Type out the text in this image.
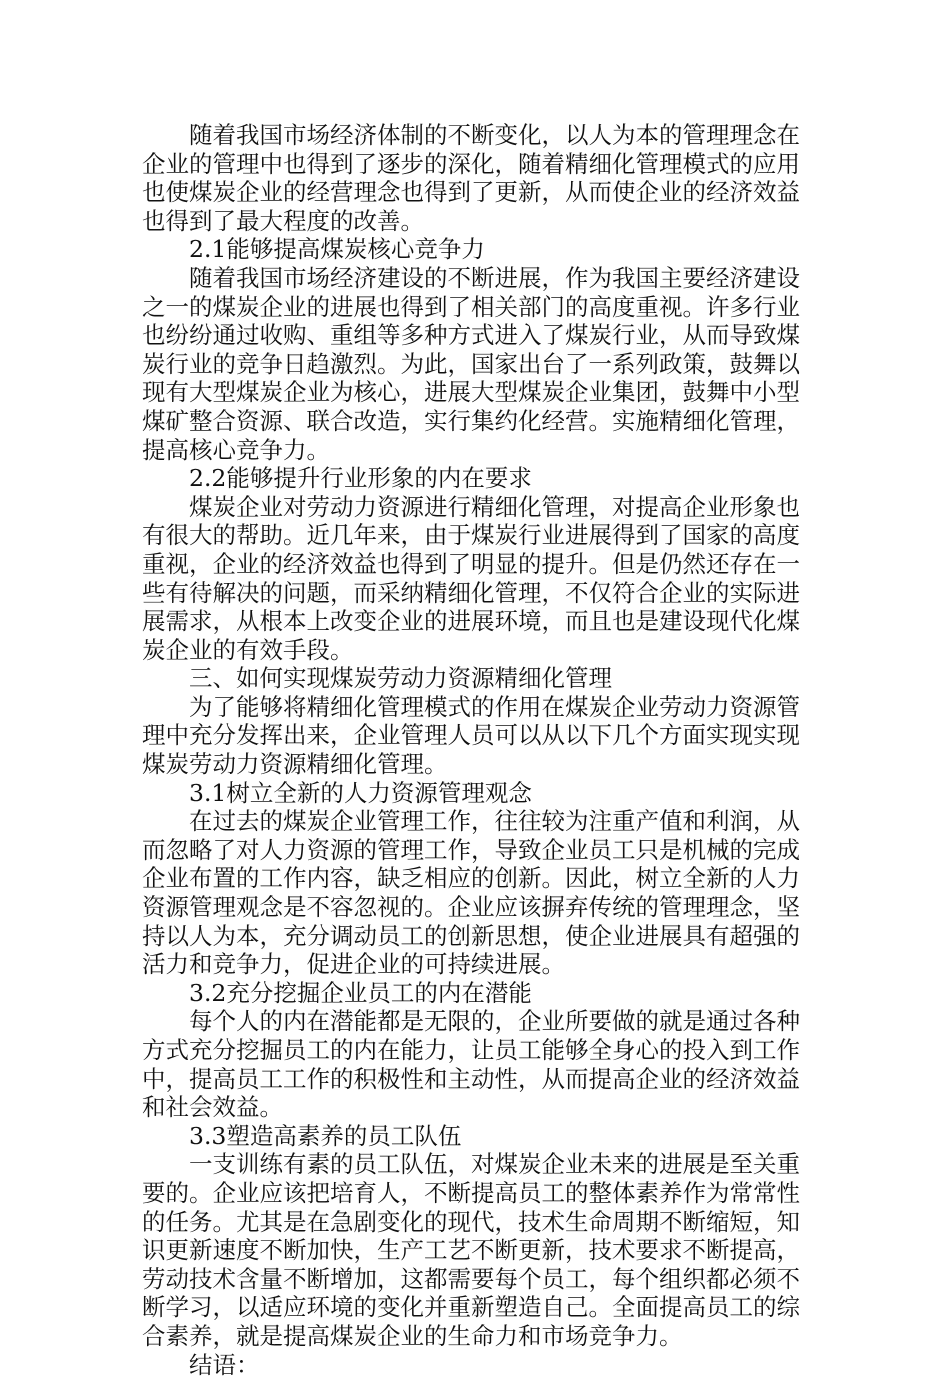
随着我国市场经济体制的不断变化，以人为本的管理理念在企业的管理中也得到了逐步的深化，随着精细化管理模式的应用也使煤炭企业的经营理念也得到了更新，从而使企业的经济效益也得到了最大程度的改善。

2.1能够提高煤炭核心竞争力

随着我国市场经济建设的不断进展，作为我国主要经济建设之一的煤炭企业的进展也得到了相关部门的高度重视。许多行业也纷纷通过收购、重组等多种方式进入了煤炭行业，从而导致煤炭行业的竞争日趋激烈。为此，国家出台了一系列政策，鼓舞以现有大型煤炭企业为核心，进展大型煤炭企业集团，鼓舞中小型煤矿整合资源、联合改造，实行集约化经营。实施精细化管理，提高核心竞争力。

2.2能够提升行业形象的内在要求

煤炭企业对劳动力资源进行精细化管理，对提高企业形象也有很大的帮助。近几年来，由于煤炭行业进展得到了国家的高度重视，企业的经济效益也得到了明显的提升。但是仍然还存在一些有待解决的问题，而采纳精细化管理，不仅符合企业的实际进展需求，从根本上改变企业的进展环境，而且也是建设现代化煤炭企业的有效手段。

三、如何实现煤炭劳动力资源精细化管理

为了能够将精细化管理模式的作用在煤炭企业劳动力资源管理中充分发挥出来，企业管理人员可以从以下几个方面实现实现煤炭劳动力资源精细化管理。

3.1树立全新的人力资源管理观念

在过去的煤炭企业管理工作，往往较为注重产值和利润，从而忽略了对人力资源的管理工作，导致企业员工只是机械的完成企业布置的工作内容，缺乏相应的创新。因此，树立全新的人力资源管理观念是不容忽视的。企业应该摒弃传统的管理理念，坚持以人为本，充分调动员工的创新思想，使企业进展具有超强的活力和竞争力，促进企业的可持续进展。

3.2充分挖掘企业员工的内在潜能

每个人的内在潜能都是无限的，企业所要做的就是通过各种方式充分挖掘员工的内在能力，让员工能够全身心的投入到工作中，提高员工工作的积极性和主动性，从而提高企业的经济效益和社会效益。

3.3塑造高素养的员工队伍

一支训练有素的员工队伍，对煤炭企业未来的进展是至关重要的。企业应该把培育人，不断提高员工的整体素养作为常常性的任务。尤其是在急剧变化的现代，技术生命周期不断缩短，知识更新速度不断加快，生产工艺不断更新，技术要求不断提高，劳动技术含量不断增加，这都需要每个员工，每个组织都必须不断学习，以适应环境的变化并重新塑造自己。全面提高员工的综合素养，就是提高煤炭企业的生命力和市场竞争力。

结语：
